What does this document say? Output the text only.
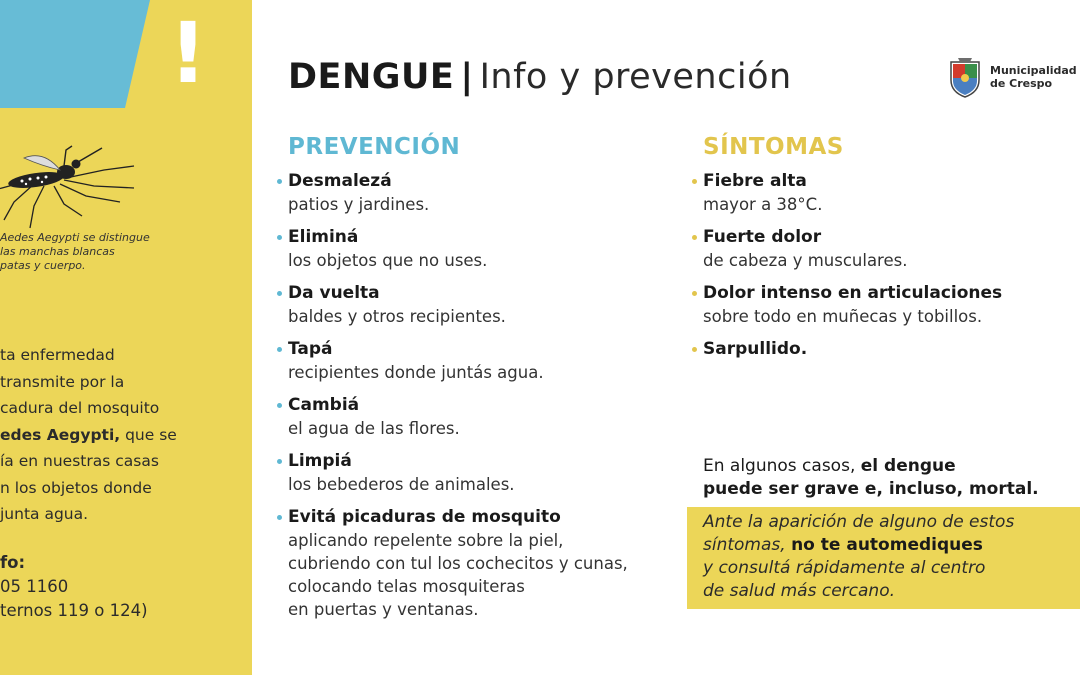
!
Aedes Aegypti se distingue
las manchas blancas
patas y cuerpo.
ta enfermedad
transmite por la
cadura del mosquito
edes Aegypti, que se
ía en nuestras casas
n los objetos donde
junta agua.
fo:
05 1160
ternos 119 o 124)
DENGUE | Info y prevención	Municipalidad
de Crespo
PREVENCIÓN
Desmalezá
patios y jardines.
Eliminá
los objetos que no uses.
Da vuelta
baldes y otros recipientes.
Tapá
recipientes donde juntás agua.
Cambiá
el agua de las flores.
Limpiá
los bebederos de animales.
Evitá picaduras de mosquito
aplicando repelente sobre la piel,
cubriendo con tul los cochecitos y cunas,
colocando telas mosquiteras
en puertas y ventanas.
SÍNTOMAS
Fiebre alta
mayor a 38°C.
Fuerte dolor
de cabeza y musculares.
Dolor intenso en articulaciones
sobre todo en muñecas y tobillos.
Sarpullido.
En algunos casos, el dengue
puede ser grave e, incluso, mortal.
Ante la aparición de alguno de estos
síntomas, no te automediques
y consultá rápidamente al centro
de salud más cercano.
